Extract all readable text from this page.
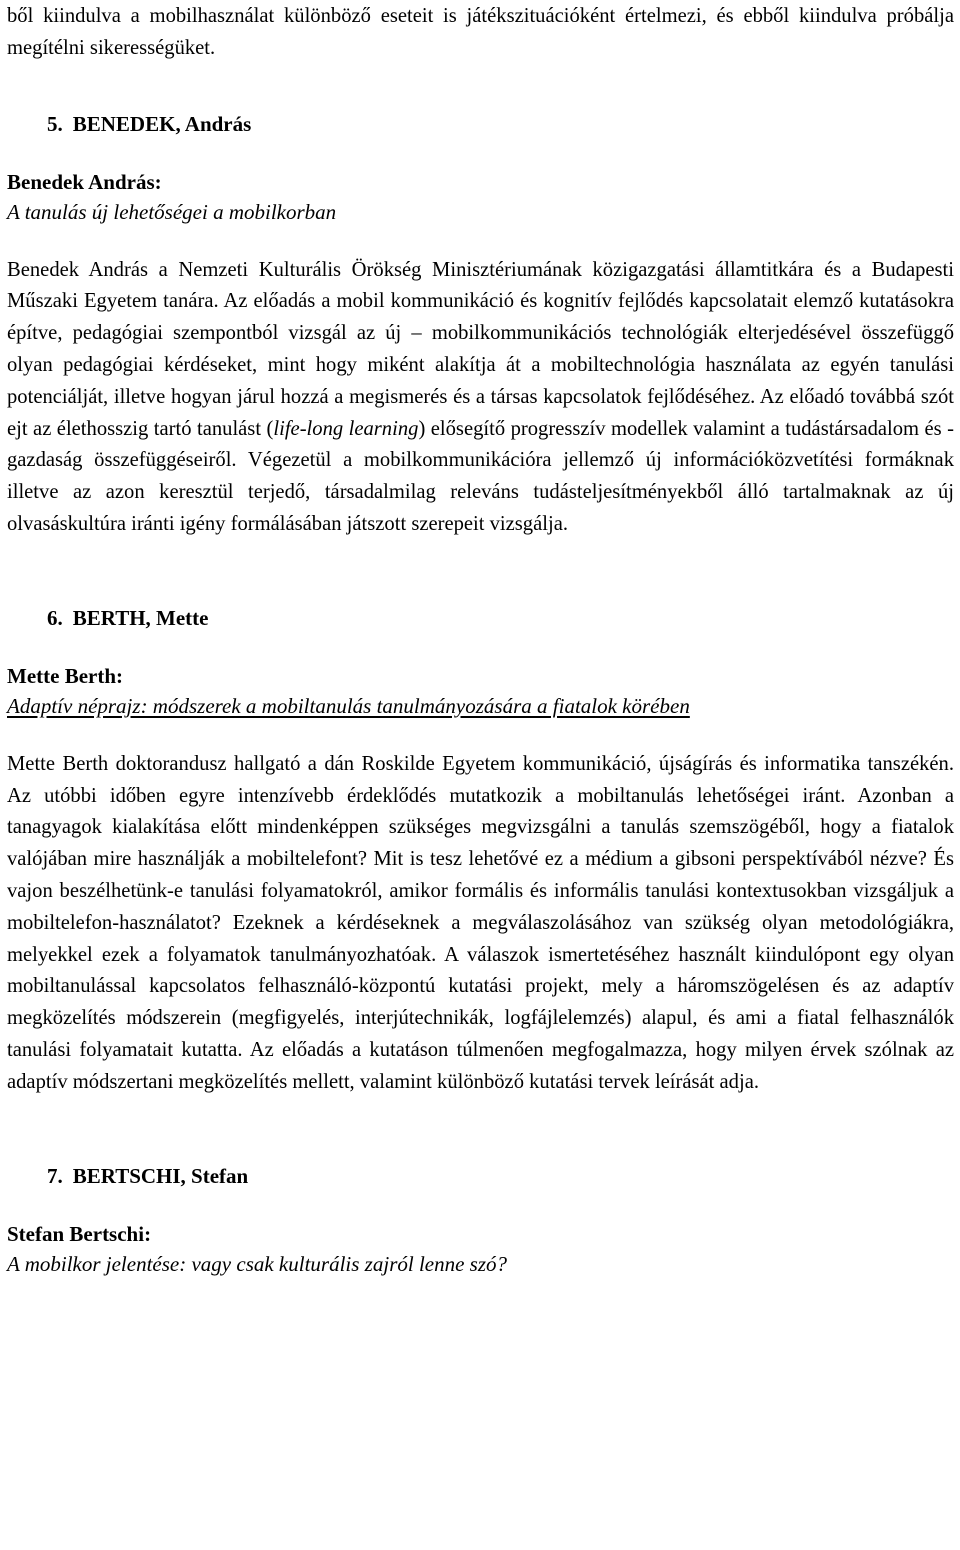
ből kiindulva a mobilhasználat különböző eseteit is játékszituációként értelmezi, és ebből kiindulva próbálja megítélni sikerességüket.

5. BENEDEK, András
Benedek András:
A tanulás új lehetőségei a mobilkorban

Benedek András a Nemzeti Kulturális Örökség Minisztériumának közigazgatási államtitkára és a Budapesti Műszaki Egyetem tanára. Az előadás a mobil kommunikáció és kognitív fejlődés kapcsolatait elemző kutatásokra építve, pedagógiai szempontból vizsgál az új – mobilkommunikációs technológiák elterjedésével összefüggő olyan pedagógiai kérdéseket, mint hogy miként alakítja át a mobiltechnológia használata az egyén tanulási potenciálját, illetve hogyan járul hozzá a megismerés és a társas kapcsolatok fejlődéséhez. Az előadó továbbá szót ejt az élethosszig tartó tanulást (life-long learning) elősegítő progresszív modellek valamint a tudástársadalom és -gazdaság összefüggéseiről. Végezetül a mobilkommunikációra jellemző új információközvetítési formáknak illetve az azon keresztül terjedő, társadalmilag releváns tudásteljesítményekből álló tartalmaknak az új olvasáskultúra iránti igény formálásában játszott szerepeit vizsgálja.

6. BERTH, Mette
Mette Berth:
Adaptív néprajz: módszerek a mobiltanulás tanulmányozására a fiatalok körében

Mette Berth doktorandusz hallgató a dán Roskilde Egyetem kommunikáció, újságírás és informatika tanszékén. Az utóbbi időben egyre intenzívebb érdeklődés mutatkozik a mobiltanulás lehetőségei iránt. Azonban a tanagyagok kialakítása előtt mindenképpen szükséges megvizsgálni a tanulás szemszögéből, hogy a fiatalok valójában mire használják a mobiltelefont? Mit is tesz lehetővé ez a médium a gibsoni perspektívából nézve? És vajon beszélhetünk-e tanulási folyamatokról, amikor formális és informális tanulási kontextusokban vizsgáljuk a mobiltelefon-használatot? Ezeknek a kérdéseknek a megválaszolásához van szükség olyan metodológiákra, melyekkel ezek a folyamatok tanulmányozhatóak. A válaszok ismertetéséhez használt kiindulópont egy olyan mobiltanulással kapcsolatos felhasználó-központú kutatási projekt, mely a háromszögelésen és az adaptív megközelítés módszerein (megfigyelés, interjútechnikák, logfájlelemzés) alapul, és ami a fiatal felhasználók tanulási folyamatait kutatta. Az előadás a kutatáson túlmenően megfogalmazza, hogy milyen érvek szólnak az adaptív módszertani megközelítés mellett, valamint különböző kutatási tervek leírását adja.

7. BERTSCHI, Stefan
Stefan Bertschi:
A mobilkor jelentése: vagy csak kulturális zajról lenne szó?
